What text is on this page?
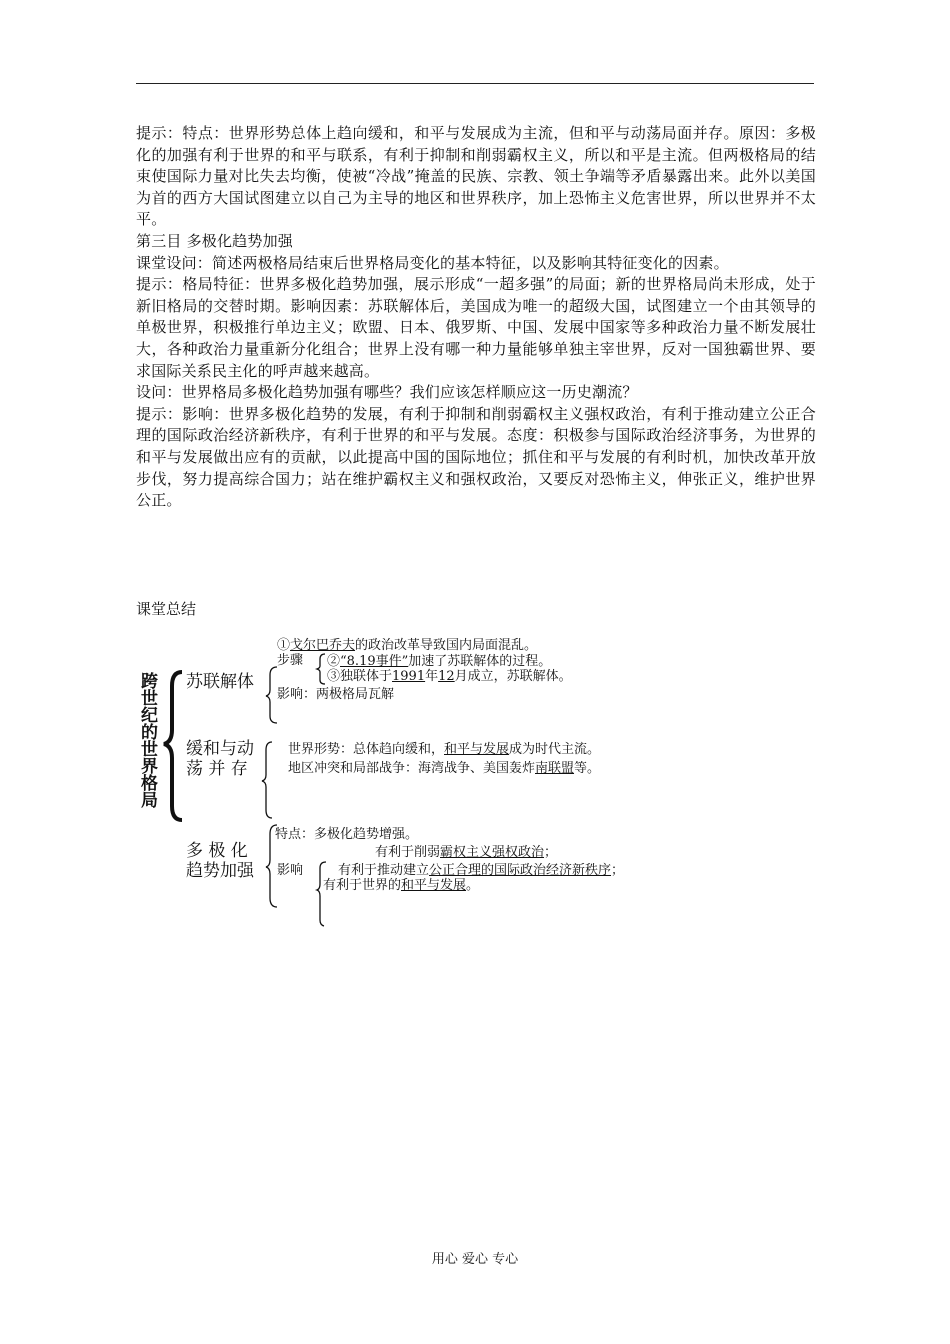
提示：特点：世界形势总体上趋向缓和，和平与发展成为主流，但和平与动荡局面并存。原因：多极化的加强有利于世界的和平与联系，有利于抑制和削弱霸权主义，所以和平是主流。但两极格局的结束使国际力量对比失去均衡，使被“冷战”掩盖的民族、宗教、领土争端等矛盾暴露出来。此外以美国为首的西方大国试图建立以自己为主导的地区和世界秩序，加上恐怖主义危害世界，所以世界并不太平。

第三目 多极化趋势加强

课堂设问：简述两极格局结束后世界格局变化的基本特征，以及影响其特征变化的因素。

提示：格局特征：世界多极化趋势加强，展示形成“一超多强”的局面；新的世界格局尚未形成，处于新旧格局的交替时期。影响因素：苏联解体后，美国成为唯一的超级大国，试图建立一个由其领导的单极世界，积极推行单边主义；欧盟、日本、俄罗斯、中国、发展中国家等多种政治力量不断发展壮大，各种政治力量重新分化组合；世界上没有哪一种力量能够单独主宰世界，反对一国独霸世界、要求国际关系民主化的呼声越来越高。

设问：世界格局多极化趋势加强有哪些？我们应该怎样顺应这一历史潮流？

提示：影响：世界多极化趋势的发展，有利于抑制和削弱霸权主义强权政治，有利于推动建立公正合理的国际政治经济新秩序，有利于世界的和平与发展。态度：积极参与国际政治经济事务，为世界的和平与发展做出应有的贡献，以此提高中国的国际地位；抓住和平与发展的有利时机，加快改革开放步伐，努力提高综合国力；站在维护霸权主义和强权政治，又要反对恐怖主义，伸张正义，维护世界公正。

课堂总结
跨世纪的世界格局 苏联解体
①戈尔巴乔夫的政治改革导致国内局面混乱。
步骤 ②“8.19事件”加速了苏联解体的过程。
③独联体于1991年12月成立，苏联解体。
影响：两极格局瓦解
缓和与动
荡 并 存
世界形势：总体趋向缓和，和平与发展成为时代主流。
地区冲突和局部战争：海湾战争、美国轰炸南联盟等。
多 极 化
趋势加强
特点：多极化趋势增强。
有利于削弱霸权主义强权政治；
影响	有利于推动建立公正合理的国际政治经济新秩序；
有利于世界的和平与发展。
用心 爱心 专心
